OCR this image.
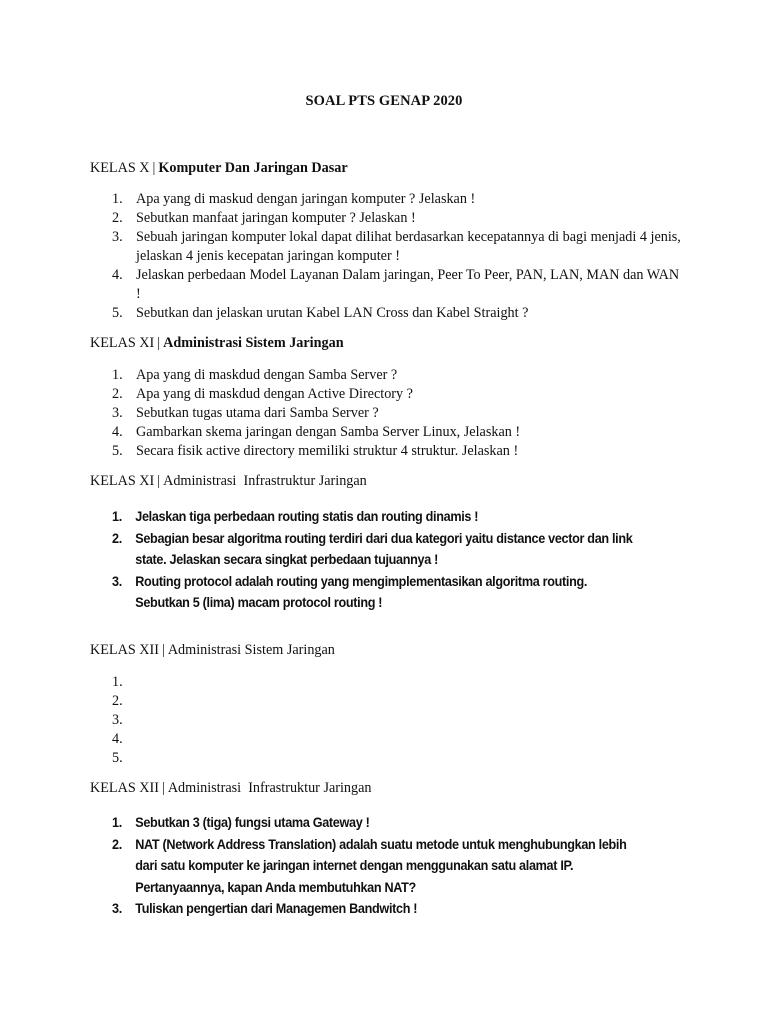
SOAL PTS GENAP 2020
KELAS X | Komputer Dan Jaringan Dasar
1. Apa yang di maskud dengan jaringan komputer ? Jelaskan !
2. Sebutkan manfaat jaringan komputer ? Jelaskan !
3. Sebuah jaringan komputer lokal dapat dilihat berdasarkan kecepatannya di bagi menjadi 4 jenis, jelaskan 4 jenis kecepatan jaringan komputer !
4. Jelaskan perbedaan Model Layanan Dalam jaringan, Peer To Peer, PAN, LAN, MAN dan WAN !
5. Sebutkan dan jelaskan urutan Kabel LAN Cross dan Kabel Straight ?
KELAS XI | Administrasi Sistem Jaringan
1. Apa yang di maskdud dengan Samba Server ?
2. Apa yang di maskdud dengan Active Directory ?
3. Sebutkan tugas utama dari Samba Server ?
4. Gambarkan skema jaringan dengan Samba Server Linux, Jelaskan !
5. Secara fisik active directory memiliki struktur 4 struktur. Jelaskan !
KELAS XI | Administrasi  Infrastruktur Jaringan
1. Jelaskan tiga perbedaan routing statis dan routing dinamis !
2. Sebagian besar algoritma routing terdiri dari dua kategori yaitu distance vector dan link state. Jelaskan secara singkat perbedaan tujuannya !
3. Routing protocol adalah routing yang mengimplementasikan algoritma routing. Sebutkan 5 (lima) macam protocol routing !
KELAS XII | Administrasi Sistem Jaringan
1.
2.
3.
4.
5.
KELAS XII | Administrasi  Infrastruktur Jaringan
1. Sebutkan 3 (tiga) fungsi utama Gateway !
2. NAT (Network Address Translation) adalah suatu metode untuk menghubungkan lebih dari satu komputer ke jaringan internet dengan menggunakan satu alamat IP. Pertanyaannya, kapan Anda membutuhkan NAT?
3. Tuliskan pengertian dari Managemen Bandwitch !
